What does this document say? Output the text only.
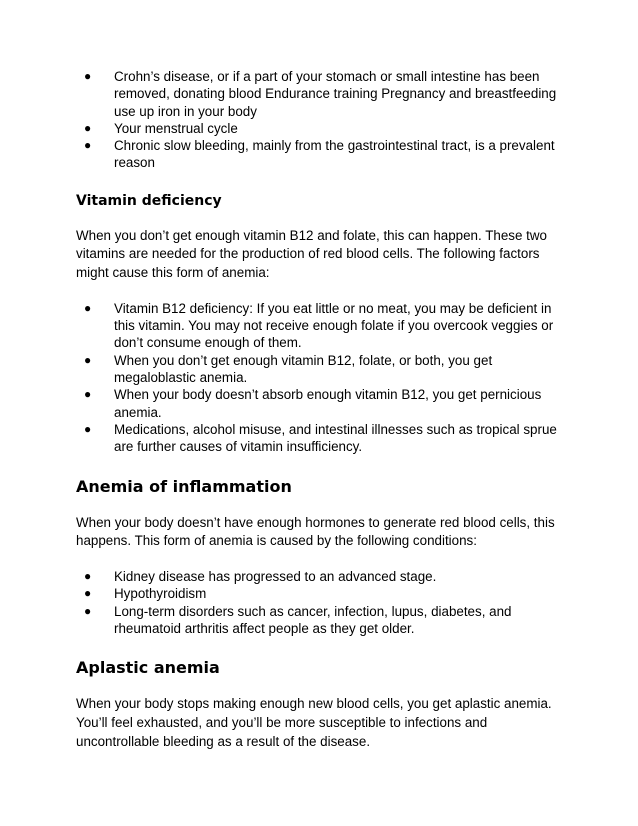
● Crohn’s disease, or if a part of your stomach or small intestine has been removed, donating blood Endurance training Pregnancy and breastfeeding use up iron in your body
● Your menstrual cycle
● Chronic slow bleeding, mainly from the gastrointestinal tract, is a prevalent reason
Vitamin deficiency

When you don’t get enough vitamin B12 and folate, this can happen. These two vitamins are needed for the production of red blood cells. The following factors might cause this form of anemia:

● Vitamin B12 deficiency: If you eat little or no meat, you may be deficient in this vitamin. You may not receive enough folate if you overcook veggies or don’t consume enough of them.
● When you don’t get enough vitamin B12, folate, or both, you get megaloblastic anemia.
● When your body doesn’t absorb enough vitamin B12, you get pernicious anemia.
● Medications, alcohol misuse, and intestinal illnesses such as tropical sprue are further causes of vitamin insufficiency.
Anemia of inflammation

When your body doesn’t have enough hormones to generate red blood cells, this happens. This form of anemia is caused by the following conditions:

● Kidney disease has progressed to an advanced stage.
● Hypothyroidism
● Long-term disorders such as cancer, infection, lupus, diabetes, and rheumatoid arthritis affect people as they get older.
Aplastic anemia

When your body stops making enough new blood cells, you get aplastic anemia. You’ll feel exhausted, and you’ll be more susceptible to infections and uncontrollable bleeding as a result of the disease.
